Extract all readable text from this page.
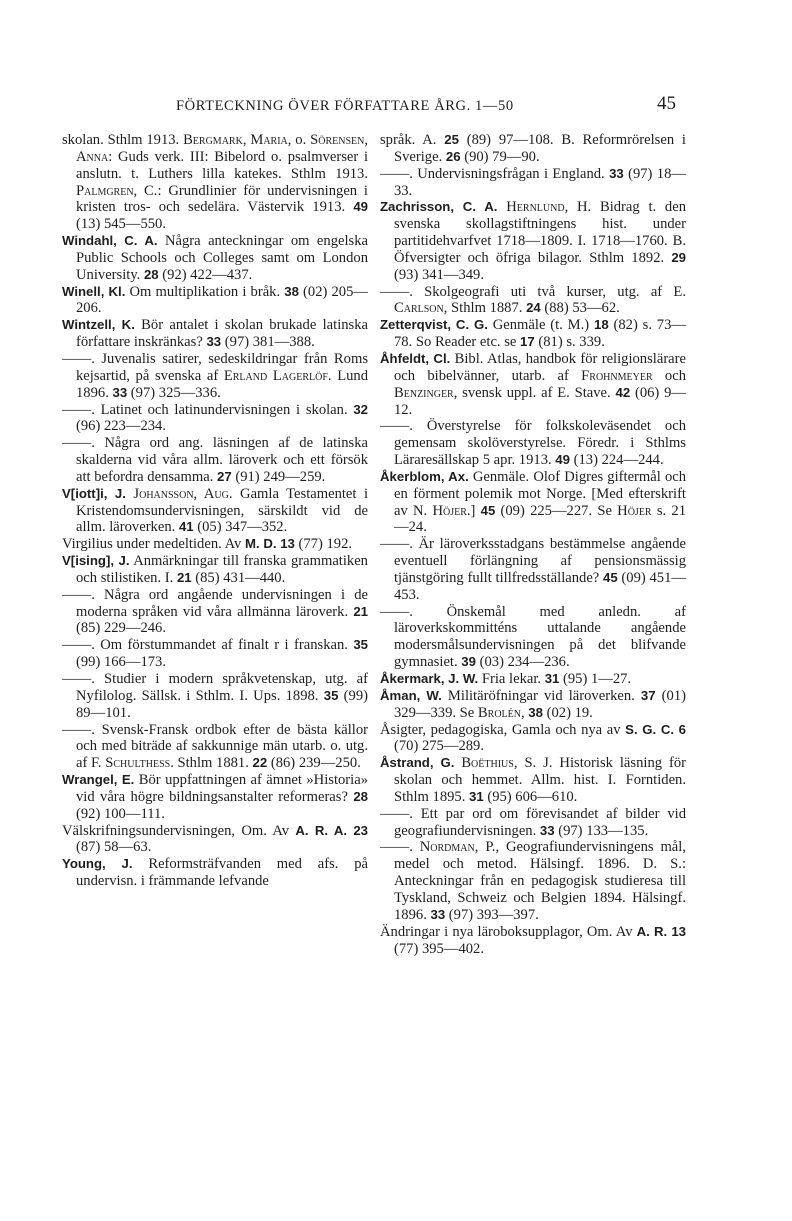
FÖRTECKNING ÖVER FÖRFATTARE ÅRG. 1—50	45

skolan. Sthlm 1913. Bergmark, Maria, o. Sörensen, Anna: Guds verk. III: Bibelord o. psalmverser i anslutn. t. Luthers lilla katekes. Sthlm 1913. Palmgren, C.: Grundlinier för undervisningen i kristen tros- och sedelära. Västervik 1913. 49 (13) 545—550.

Windahl, C. A. Några anteckningar om engelska Public Schools och Colleges samt om London University. 28 (92) 422—437.

Winell, Kl. Om multiplikation i bråk. 38 (02) 205—206.

Wintzell, K. Bör antalet i skolan brukade latinska författare inskränkas? 33 (97) 381—388.

——. Juvenalis satirer, sedeskildringar från Roms kejsartid, på svenska af Erland Lagerlöf. Lund 1896. 33 (97) 325—336.

——. Latinet och latinundervisningen i skolan. 32 (96) 223—234.

——. Några ord ang. läsningen af de latinska skalderna vid våra allm. läroverk och ett försök att befordra densamma. 27 (91) 249—259.

V[iott]i, J. Johansson, Aug. Gamla Testamentet i Kristendomsundervisningen, särskildt vid de allm. läroverken. 41 (05) 347—352.

Virgilius under medeltiden. Av M. D. 13 (77) 192.

V[ising], J. Anmärkningar till franska grammatiken och stilistiken. I. 21 (85) 431—440.

——. Några ord angående undervisningen i de moderna språken vid våra allmänna läroverk. 21 (85) 229—246.

——. Om förstummandet af finalt r i franskan. 35 (99) 166—173.

——. Studier i modern språkvetenskap, utg. af Nyfilolog. Sällsk. i Sthlm. I. Ups. 1898. 35 (99) 89—101.

——. Svensk-Fransk ordbok efter de bästa källor och med biträde af sakkunnige män utarb. o. utg. af F. Schulthess. Sthlm 1881. 22 (86) 239—250.

Wrangel, E. Bör uppfattningen af ämnet »Historia» vid våra högre bildningsanstalter reformeras? 28 (92) 100—111.

Välskrifningsundervisningen, Om. Av A. R. A. 23 (87) 58—63.

Young, J. Reformsträfvanden med afs. på undervisn. i främmande lefvande

språk. A. 25 (89) 97—108. B. Reformrörelsen i Sverige. 26 (90) 79—90.

——. Undervisningsfrågan i England. 33 (97) 18—33.

Zachrisson, C. A. Hernlund, H. Bidrag t. den svenska skollagstiftningens hist. under partitidehvarfvet 1718—1809. I. 1718—1760. B. Öfversigter och öfriga bilagor. Sthlm 1892. 29 (93) 341—349.

——. Skolgeografi uti två kurser, utg. af E. Carlson, Sthlm 1887. 24 (88) 53—62.

Zetterqvist, C. G. Genmäle (t. M.) 18 (82) s. 73—78. So Reader etc. se 17 (81) s. 339.

Åhfeldt, Cl. Bibl. Atlas, handbok för religionslärare och bibelvänner, utarb. af Frohnmeyer och Benzinger, svensk uppl. af E. Stave. 42 (06) 9—12.

——. Överstyrelse för folkskoleväsendet och gemensam skolöverstyrelse. Föredr. i Sthlms Läraresällskap 5 apr. 1913. 49 (13) 224—244.

Åkerblom, Ax. Genmäle. Olof Digres giftermål och en förment polemik mot Norge. [Med efterskrift av N. Höjer.] 45 (09) 225—227. Se Höjer s. 21—24.

——. Är läroverksstadgans bestämmelse angående eventuell förlängning af pensionsmässig tjänstgöring fullt tillfredsställande? 45 (09) 451—453.

——. Önskemål med anledn. af läroverkskommitténs uttalande angående modersmålsundervisningen på det blifvande gymnasiet. 39 (03) 234—236.

Åkermark, J. W. Fria lekar. 31 (95) 1—27.

Åman, W. Militäröfningar vid läroverken. 37 (01) 329—339. Se Brolén, 38 (02) 19.

Åsigter, pedagogiska, Gamla och nya av S. G. C. 6 (70) 275—289.

Åstrand, G. Boëthius, S. J. Historisk läsning för skolan och hemmet. Allm. hist. I. Forntiden. Sthlm 1895. 31 (95) 606—610.

——. Ett par ord om förevisandet af bilder vid geografiundervisningen. 33 (97) 133—135.

——. Nordman, P., Geografiundervisningens mål, medel och metod. Hälsingf. 1896. D. S.: Anteckningar från en pedagogisk studieresa till Tyskland, Schweiz och Belgien 1894. Hälsingf. 1896. 33 (97) 393—397.

Ändringar i nya läroboksupplagor, Om. Av A. R. 13 (77) 395—402.
